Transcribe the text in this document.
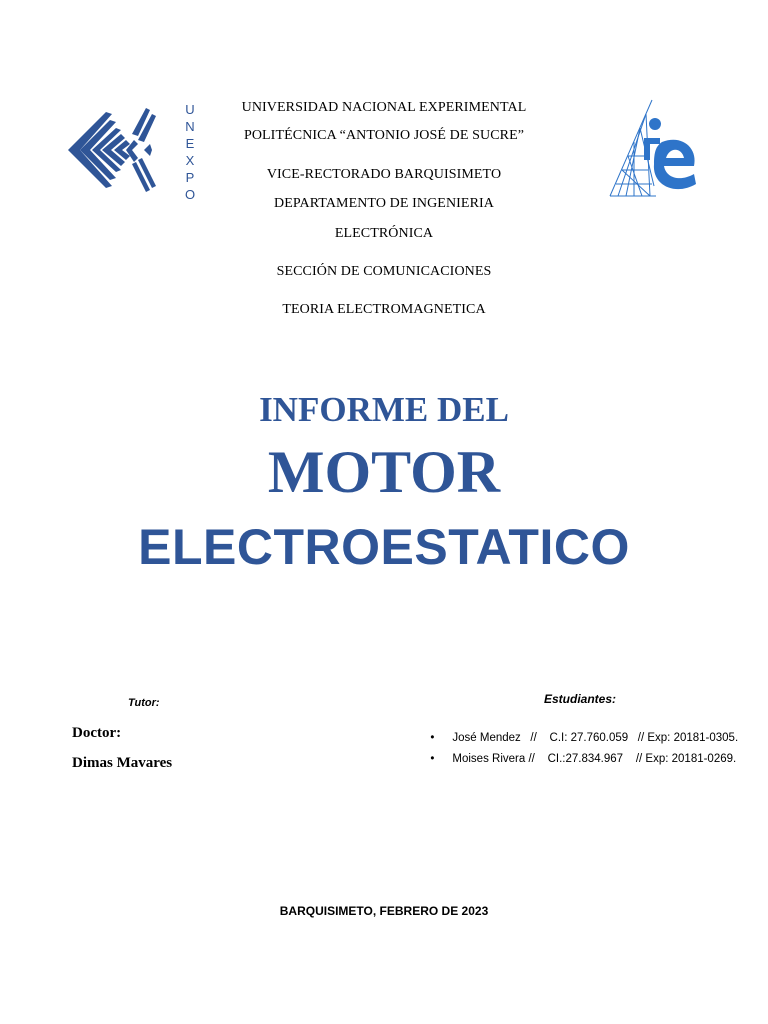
U
N
E
X
P
O
UNIVERSIDAD NACIONAL EXPERIMENTAL
POLITÉCNICA “ANTONIO JOSÉ DE SUCRE”
VICE-RECTORADO BARQUISIMETO
DEPARTAMENTO DE INGENIERIA
ELECTRÓNICA
SECCIÓN DE COMUNICACIONES
TEORIA ELECTROMAGNETICA
INFORME DEL
MOTOR
ELECTROESTATICO
Tutor:
Doctor:
Dimas Mavares
Estudiantes:

• José Mendez   //    C.I: 27.760.059   // Exp: 20181-0305.

• Moises Rivera //    CI.:27.834.967    // Exp: 20181-0269.

BARQUISIMETO, FEBRERO DE 2023
